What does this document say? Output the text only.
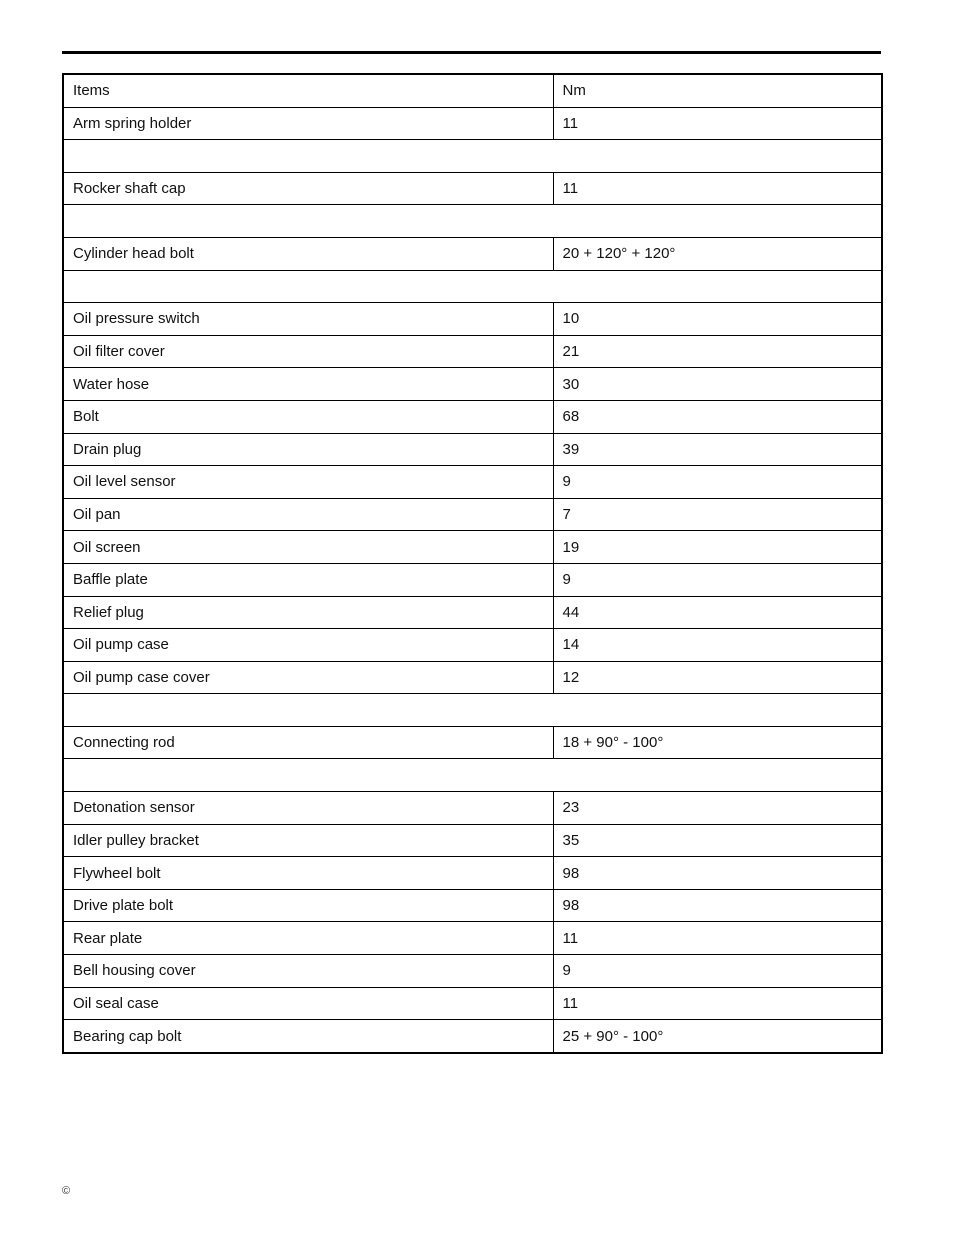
Items	Nm
Arm spring holder	11

Rocker shaft cap	11

Cylinder head bolt	20 + 120° + 120°

Oil pressure switch	10
Oil filter cover	21
Water hose	30
Bolt	68
Drain plug	39
Oil level sensor	9
Oil pan	7
Oil screen	19
Baffle plate	9
Relief plug	44
Oil pump case	14
Oil pump case cover	12

Connecting rod	18 + 90° - 100°

Detonation sensor	23
Idler pulley bracket	35
Flywheel bolt	98
Drive plate bolt	98
Rear plate	11
Bell housing cover	9
Oil seal case	11
Bearing cap bolt	25 + 90° - 100°
©
